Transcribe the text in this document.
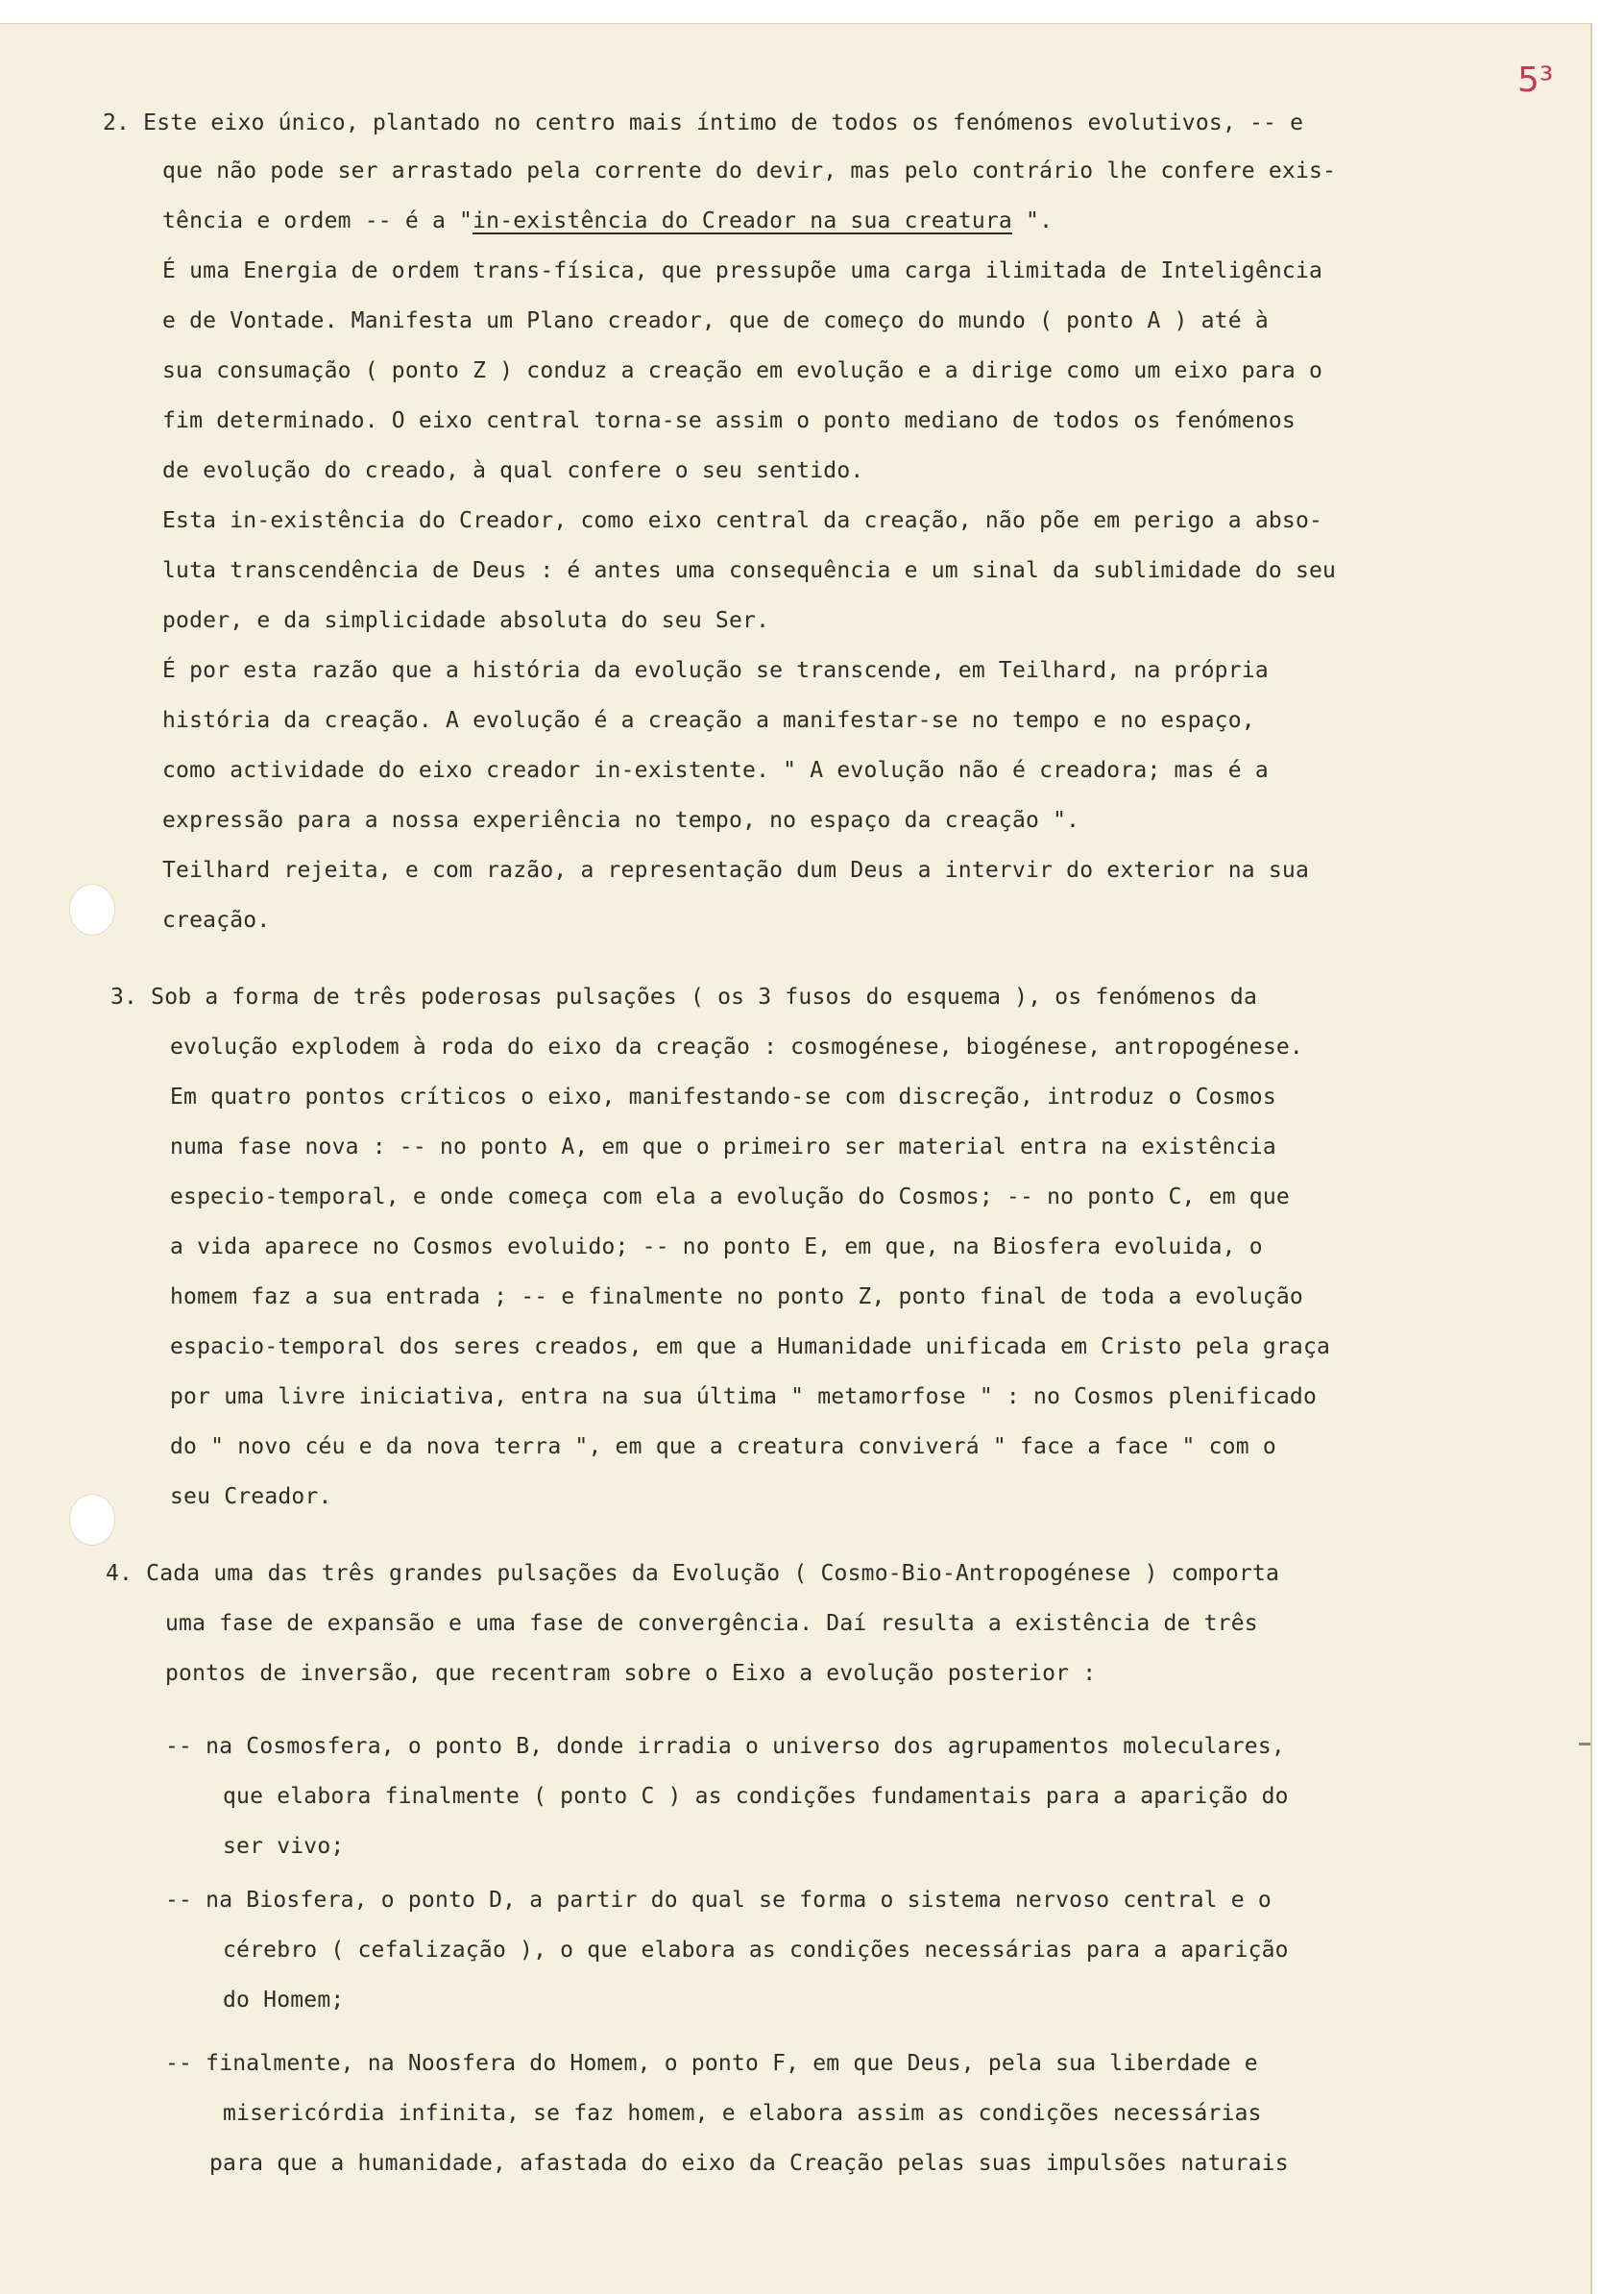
5³
2. Este eixo único, plantado no centro mais íntimo de todos os fenómenos evolutivos, -- e
que não pode ser arrastado pela corrente do devir, mas pelo contrário lhe confere exis-
tência e ordem -- é a "in-existência do Creador na sua creatura ".
É uma Energia de ordem trans-física, que pressupõe uma carga ilimitada de Inteligência
e de Vontade. Manifesta um Plano creador, que de começo do mundo ( ponto A ) até à
sua consumação ( ponto Z ) conduz a creação em evolução e a dirige como um eixo para o
fim determinado. O eixo central torna-se assim o ponto mediano de todos os fenómenos
de evolução do creado, à qual confere o seu sentido.
Esta in-existência do Creador, como eixo central da creação, não põe em perigo a abso-
luta transcendência de Deus : é antes uma consequência e um sinal da sublimidade do seu
poder, e da simplicidade absoluta do seu Ser.
É por esta razão que a história da evolução se transcende, em Teilhard, na própria
história da creação. A evolução é a creação a manifestar-se no tempo e no espaço,
como actividade do eixo creador in-existente. " A evolução não é creadora; mas é a
expressão para a nossa experiência no tempo, no espaço da creação ".
Teilhard rejeita, e com razão, a representação dum Deus a intervir do exterior na sua
creação.
3. Sob a forma de três poderosas pulsações ( os 3 fusos do esquema ), os fenómenos da
evolução explodem à roda do eixo da creação : cosmogénese, biogénese, antropogénese.
Em quatro pontos críticos o eixo, manifestando-se com discreção, introduz o Cosmos
numa fase nova : -- no ponto A, em que o primeiro ser material entra na existência
especio-temporal, e onde começa com ela a evolução do Cosmos; -- no ponto C, em que
a vida aparece no Cosmos evoluido; -- no ponto E, em que, na Biosfera evoluida, o
homem faz a sua entrada ; -- e finalmente no ponto Z, ponto final de toda a evolução
espacio-temporal dos seres creados, em que a Humanidade unificada em Cristo pela graça
por uma livre iniciativa, entra na sua última " metamorfose " : no Cosmos plenificado
do " novo céu e da nova terra ", em que a creatura conviverá " face a face " com o
seu Creador.
4. Cada uma das três grandes pulsações da Evolução ( Cosmo-Bio-Antropogénese ) comporta
uma fase de expansão e uma fase de convergência. Daí resulta a existência de três
pontos de inversão, que recentram sobre o Eixo a evolução posterior :
-- na Cosmosfera, o ponto B, donde irradia o universo dos agrupamentos moleculares,
que elabora finalmente ( ponto C ) as condições fundamentais para a aparição do
ser vivo;
-- na Biosfera, o ponto D, a partir do qual se forma o sistema nervoso central e o
cérebro ( cefalização ), o que elabora as condições necessárias para a aparição
do Homem;
-- finalmente, na Noosfera do Homem, o ponto F, em que Deus, pela sua liberdade e
misericórdia infinita, se faz homem, e elabora assim as condições necessárias
para que a humanidade, afastada do eixo da Creação pelas suas impulsões naturais
